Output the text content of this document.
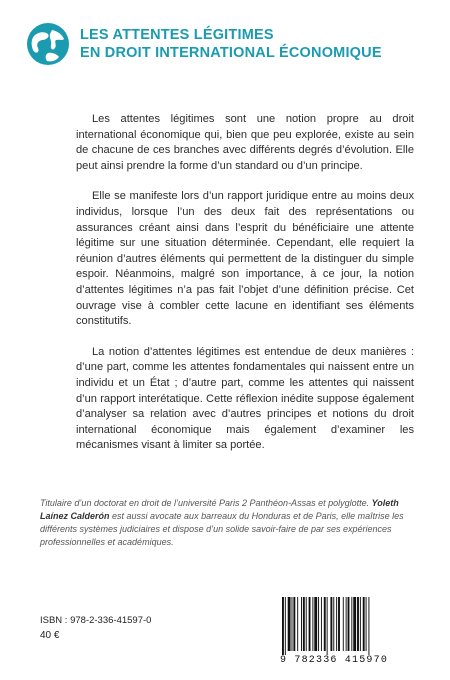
LES ATTENTES LÉGITIMES
EN DROIT INTERNATIONAL ÉCONOMIQUE

Les attentes légitimes sont une notion propre au droit international économique qui, bien que peu explorée, existe au sein de chacune de ces branches avec différents degrés d’évolution. Elle peut ainsi prendre la forme d’un standard ou d’un principe.

Elle se manifeste lors d’un rapport juridique entre au moins deux individus, lorsque l’un des deux fait des représentations ou assurances créant ainsi dans l’esprit du bénéficiaire une attente légitime sur une situation déterminée. Cependant, elle requiert la réunion d’autres éléments qui permettent de la distinguer du simple espoir. Néanmoins, malgré son importance, à ce jour, la notion d’attentes légitimes n’a pas fait l’objet d’une définition précise. Cet ouvrage vise à combler cette lacune en identifiant ses éléments constitutifs.

La notion d’attentes légitimes est entendue de deux manières : d’une part, comme les attentes fondamentales qui naissent entre un individu et un État ; d’autre part, comme les attentes qui naissent d’un rapport interétatique. Cette réflexion inédite suppose également d’analyser sa relation avec d’autres principes et notions du droit international économique mais également d’examiner les mécanismes visant à limiter sa portée.

Titulaire d’un doctorat en droit de l’université Paris 2 Panthéon-Assas et polyglotte. Yoleth Laínez Calderón est aussi avocate aux barreaux du Honduras et de Paris, elle maîtrise les différents systèmes judiciaires et dispose d’un solide savoir-faire de par ses expériences professionnelles et académiques.
ISBN : 978-2-336-41597-0
40 €
9 782336 415970
